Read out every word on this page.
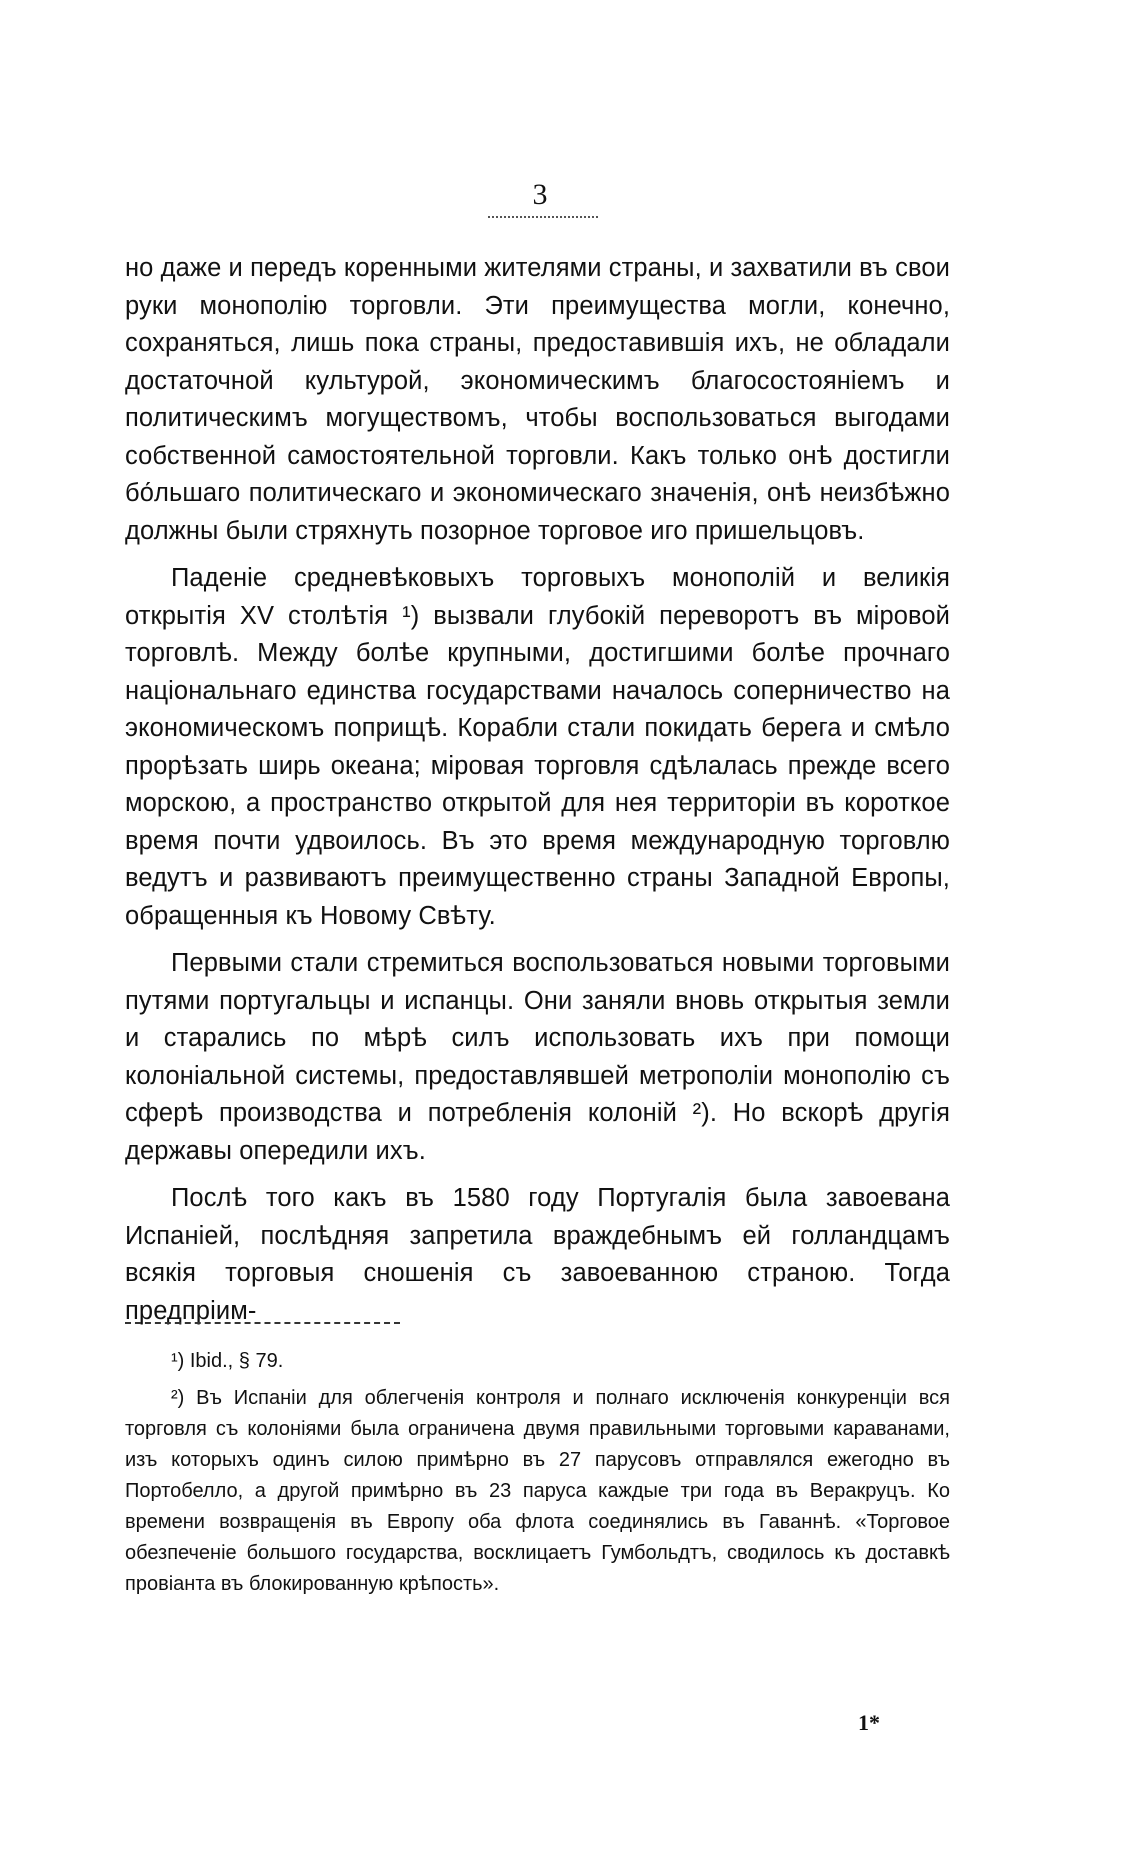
3

но даже и передъ коренными жителями страны, и захватили въ свои руки монополію торговли. Эти преимущества могли, конечно, сохраняться, лишь пока страны, предоставившія ихъ, не обладали достаточной культурой, экономическимъ благосостояніемъ и политическимъ могуществомъ, чтобы воспользоваться выгодами собственной самостоятельной торговли. Какъ только онѣ достигли бо́льшаго политическаго и экономическаго значенія, онѣ неизбѣжно должны были стряхнуть позорное торговое иго пришельцовъ.

Паденіе средневѣковыхъ торговыхъ монополій и великія открытія XV столѣтія ¹) вызвали глубокій переворотъ въ міровой торговлѣ. Между болѣе крупными, достигшими болѣе прочнаго національнаго единства государствами началось соперничество на экономическомъ поприщѣ. Корабли стали покидать берега и смѣло прорѣзать ширь океана; міровая торговля сдѣлалась прежде всего морскою, а пространство открытой для нея территоріи въ короткое время почти удвоилось. Въ это время международную торговлю ведутъ и развиваютъ преимущественно страны Западной Европы, обращенныя къ Новому Свѣту.

Первыми стали стремиться воспользоваться новыми торговыми путями португальцы и испанцы. Они заняли вновь открытыя земли и старались по мѣрѣ силъ использовать ихъ при помощи колоніальной системы, предоставлявшей метрополіи монополію съ сферѣ производства и потребленія колоній ²). Но вскорѣ другія державы опередили ихъ.

Послѣ того какъ въ 1580 году Португалія была завоевана Испаніей, послѣдняя запретила враждебнымъ ей голландцамъ всякія торговыя сношенія съ завоеванною страною. Тогда предпріим-

¹) Ibid., § 79.

²) Въ Испаніи для облегченія контроля и полнаго исключенія конкуренціи вся торговля съ колоніями была ограничена двумя правильными торговыми караванами, изъ которыхъ одинъ силою примѣрно въ 27 парусовъ отправлялся ежегодно въ Портобелло, а другой примѣрно въ 23 паруса каждые три года въ Веракруцъ. Ко времени возвращенія въ Европу оба флота соединялись въ Гаваннѣ. «Торговое обезпеченіе большого государства, восклицаетъ Гумбольдтъ, сводилось къ доставкѣ провіанта въ блокированную крѣпость».

1*
